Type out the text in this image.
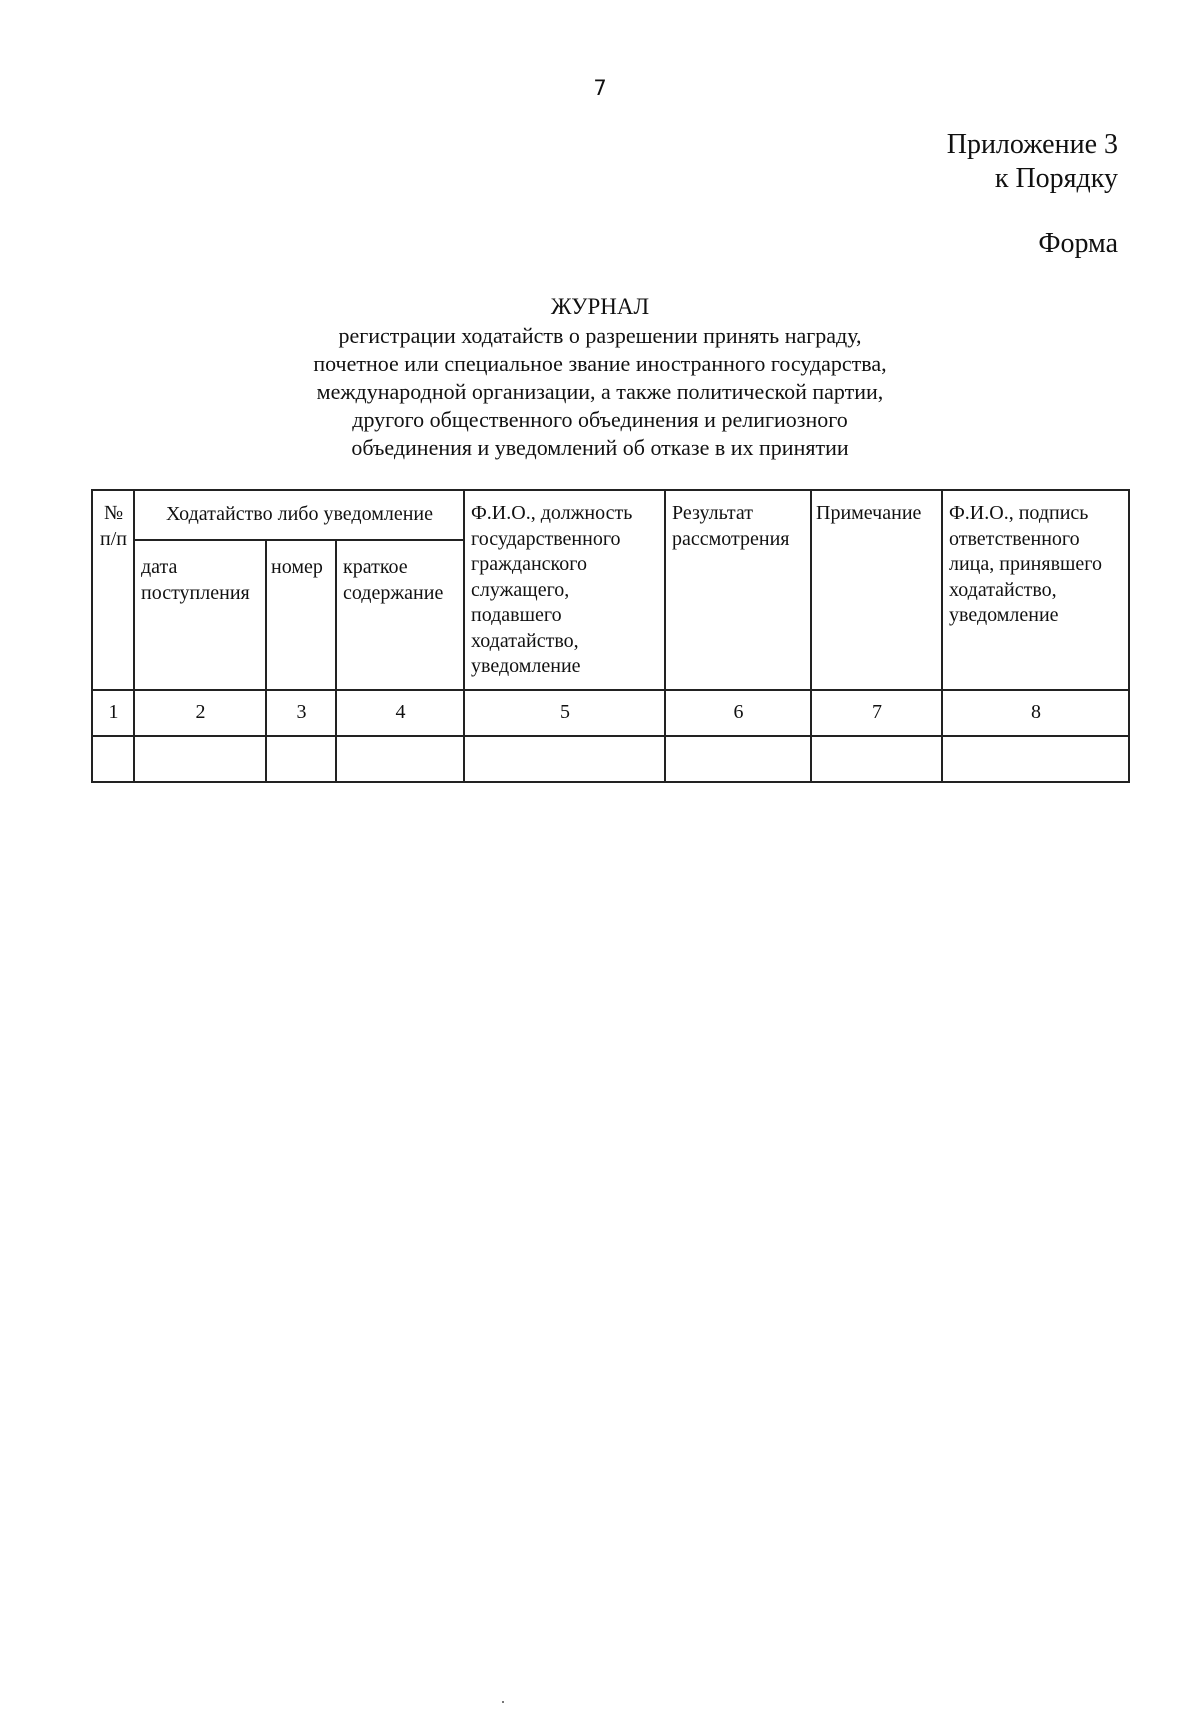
7
Приложение 3
к Порядку
Форма
ЖУРНАЛ
регистрации ходатайств о разрешении принять награду,
почетное или специальное звание иностранного государства,
международной организации, а также политической партии,
другого общественного объединения и религиозного
объединения и уведомлений об отказе в их принятии
№ п/п	Ходатайство либо уведомление			Ф.И.О., должность государственного гражданского служащего, подавшего ходатайство, уведомление	Результат рассмотрения	Примечание	Ф.И.О., подпись ответственного лица, принявшего ходатайство, уведомление
	дата поступления	номер	краткое содержание				
1	2	3	4	5	6	7	8
